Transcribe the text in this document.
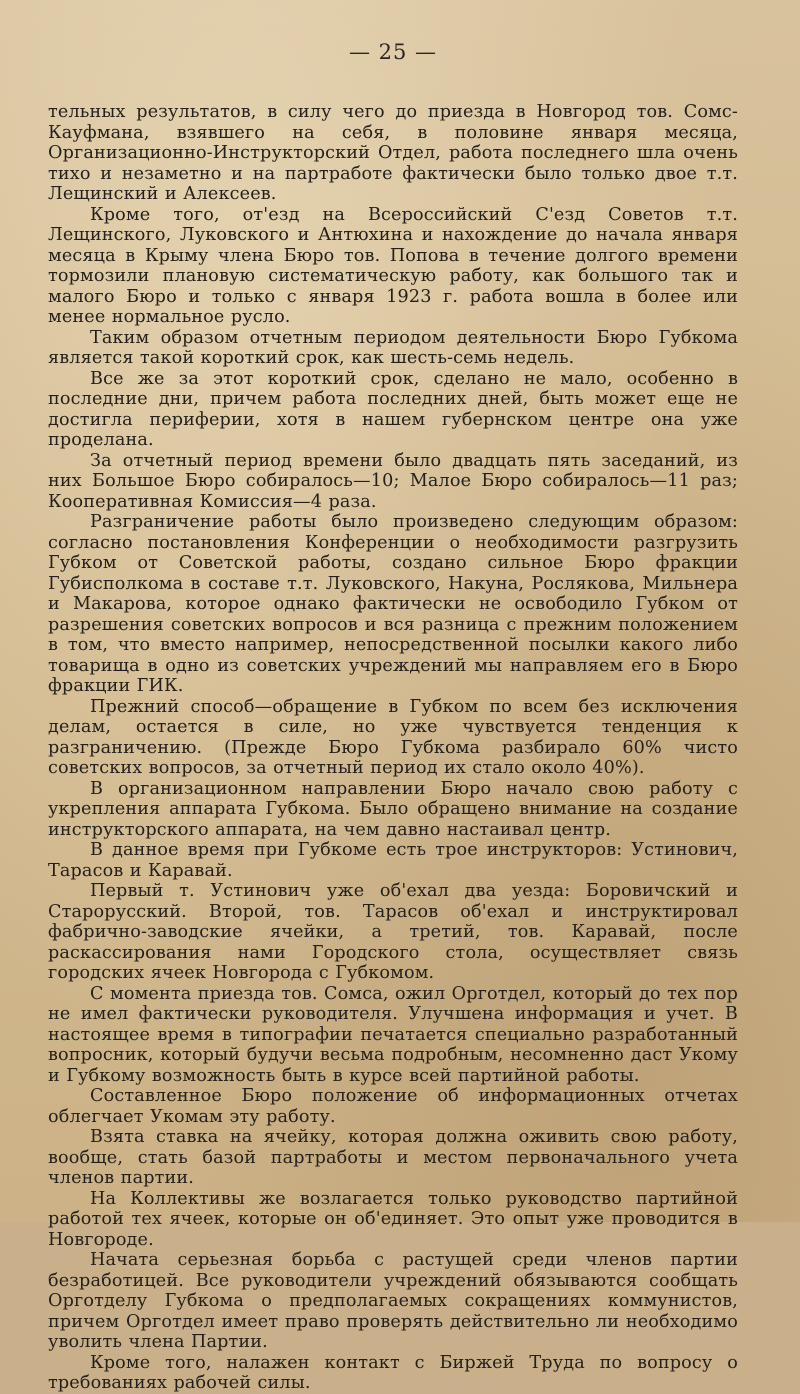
— 25 —

тельных результатов, в силу чего до приезда в Новгород тов. Сомс-Кауфмана, взявшего на себя, в половине января месяца, Организационно-Инструкторский Отдел, работа последнего шла очень тихо и незаметно и на партработе фактически было только двое т.т. Лещинский и Алексеев.

Кроме того, от'езд на Всероссийский С'езд Советов т.т. Лещинского, Луковского и Антюхина и нахождение до начала января месяца в Крыму члена Бюро тов. Попова в течение долгого времени тормозили плановую систематическую работу, как большого так и малого Бюро и только с января 1923 г. работа вошла в более или менее нормальное русло.

Таким образом отчетным периодом деятельности Бюро Губкома является такой короткий срок, как шесть-семь недель.

Все же за этот короткий срок, сделано не мало, особенно в последние дни, причем работа последних дней, быть может еще не достигла периферии, хотя в нашем губернском центре она уже проделана.

За отчетный период времени было двадцать пять заседаний, из них Большое Бюро собиралось—10; Малое Бюро собиралось—11 раз; Кооперативная Комиссия—4 раза.

Разграничение работы было произведено следующим образом: согласно постановления Конференции о необходимости разгрузить Губком от Советской работы, создано сильное Бюро фракции Губисполкома в составе т.т. Луковского, Накуна, Рослякова, Мильнера и Макарова, которое однако фактически не освободило Губком от разрешения советских вопросов и вся разница с прежним положением в том, что вместо например, непосредственной посылки какого либо товарища в одно из советских учреждений мы направляем его в Бюро фракции ГИК.

Прежний способ—обращение в Губком по всем без исключения делам, остается в силе, но уже чувствуется тенденция к разграничению. (Прежде Бюро Губкома разбирало 60% чисто советских вопросов, за отчетный период их стало около 40%).

В организационном направлении Бюро начало свою работу с укрепления аппарата Губкома. Было обращено внимание на создание инструкторского аппарата, на чем давно настаивал центр.

В данное время при Губкоме есть трое инструкторов: Устинович, Тарасов и Каравай.

Первый т. Устинович уже об'ехал два уезда: Боровичский и Старорусский. Второй, тов. Тарасов об'ехал и инструктировал фабрично-заводские ячейки, а третий, тов. Каравай, после раскассирования нами Городского стола, осуществляет связь городских ячеек Новгорода с Губкомом.

С момента приезда тов. Сомса, ожил Орготдел, который до тех пор не имел фактически руководителя. Улучшена информация и учет. В настоящее время в типографии печатается специально разработанный вопросник, который будучи весьма подробным, несомненно даст Укому и Губкому возможность быть в курсе всей партийной работы.

Составленное Бюро положение об информационных отчетах облегчает Укомам эту работу.

Взята ставка на ячейку, которая должна оживить свою работу, вообще, стать базой партработы и местом первоначального учета членов партии.

На Коллективы же возлагается только руководство партийной работой тех ячеек, которые он об'единяет. Это опыт уже проводится в Новгороде.

Начата серьезная борьба с растущей среди членов партии безработицей. Все руководители учреждений обязываются сообщать Орготделу Губкома о предполагаемых сокращениях коммунистов, причем Орготдел имеет право проверять действительно ли необходимо уволить члена Партии.

Кроме того, налажен контакт с Биржей Труда по вопросу о требованиях рабочей силы.
